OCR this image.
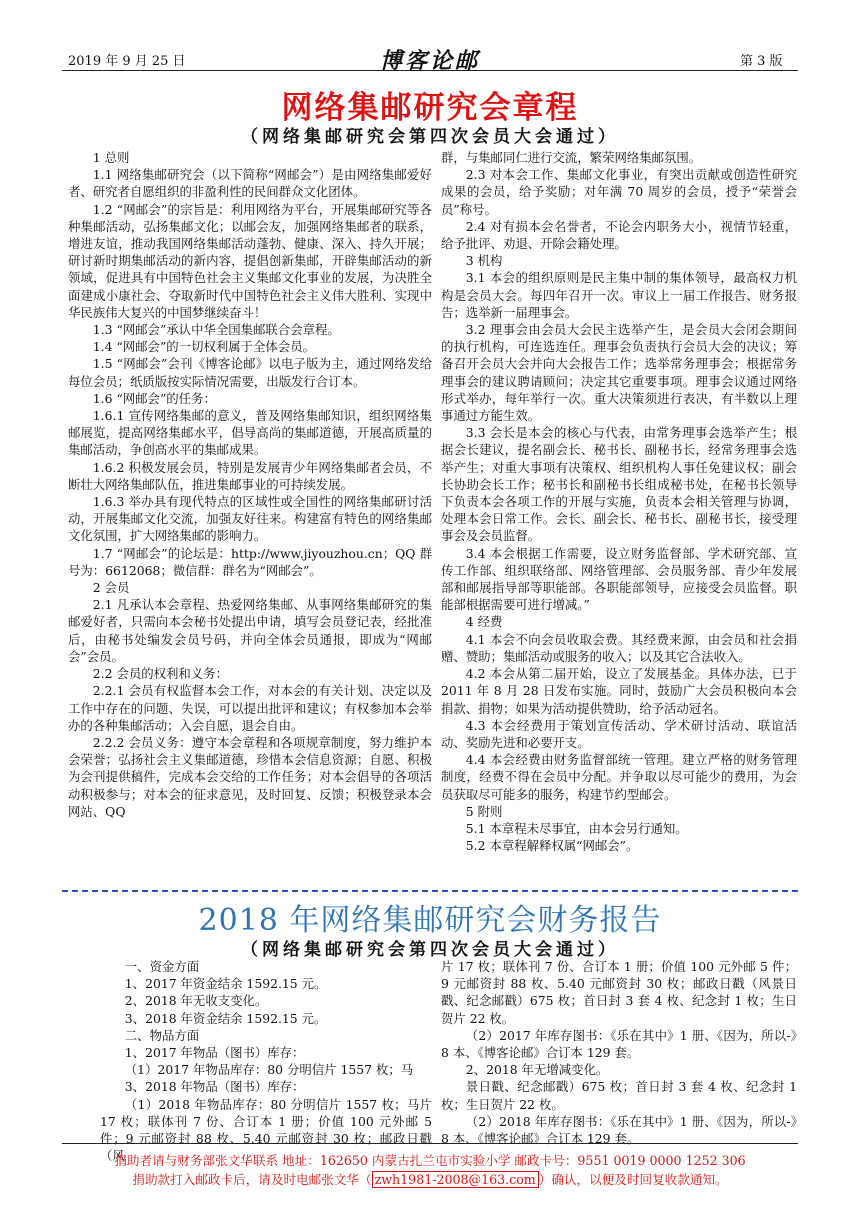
2019 年 9 月 25 日	博客论邮	第 3 版
网络集邮研究会章程
（网络集邮研究会第四次会员大会通过）

1 总则

1.1 网络集邮研究会（以下简称“网邮会”）是由网络集邮爱好者、研究者自愿组织的非盈利性的民间群众文化团体。

1.2 “网邮会”的宗旨是：利用网络为平台，开展集邮研究等各种集邮活动，弘扬集邮文化；以邮会友，加强网络集邮者的联系，增进友谊，推动我国网络集邮活动蓬勃、健康、深入、持久开展；研讨新时期集邮活动的新内容，提倡创新集邮，开辟集邮活动的新领域，促进具有中国特色社会主义集邮文化事业的发展，为决胜全面建成小康社会、夺取新时代中国特色社会主义伟大胜利、实现中华民族伟大复兴的中国梦继续奋斗！

1.3 “网邮会”承认中华全国集邮联合会章程。

1.4 “网邮会”的一切权利属于全体会员。

1.5 “网邮会”会刊《博客论邮》以电子版为主，通过网络发给每位会员；纸质版按实际情况需要，出版发行合订本。

1.6 “网邮会”的任务：

1.6.1 宣传网络集邮的意义，普及网络集邮知识，组织网络集邮展览，提高网络集邮水平，倡导高尚的集邮道德，开展高质量的集邮活动，争创高水平的集邮成果。

1.6.2 积极发展会员，特别是发展青少年网络集邮者会员，不断壮大网络集邮队伍，推进集邮事业的可持续发展。

1.6.3 举办具有现代特点的区域性或全国性的网络集邮研讨活动，开展集邮文化交流，加强友好往来。构建富有特色的网络集邮文化氛围，扩大网络集邮的影响力。

1.7 “网邮会”的论坛是：http://www.jiyouzhou.cn；QQ 群号为：6612068；微信群：群名为“网邮会”。

2 会员

2.1 凡承认本会章程、热爱网络集邮、从事网络集邮研究的集邮爱好者，只需向本会秘书处提出申请，填写会员登记表，经批准后，由秘书处编发会员号码，并向全体会员通报，即成为“网邮会”会员。

2.2 会员的权利和义务：

2.2.1 会员有权监督本会工作，对本会的有关计划、决定以及工作中存在的问题、失误，可以提出批评和建议；有权参加本会举办的各种集邮活动；入会自愿，退会自由。

2.2.2 会员义务：遵守本会章程和各项规章制度，努力维护本会荣誉；弘扬社会主义集邮道德，珍惜本会信息资源；自愿、积极为会刊提供稿件，完成本会交给的工作任务；对本会倡导的各项活动积极参与；对本会的征求意见，及时回复、反馈；积极登录本会网站、QQ

群，与集邮同仁进行交流，繁荣网络集邮氛围。

2.3 对本会工作、集邮文化事业，有突出贡献或创造性研究成果的会员，给予奖励；对年满 70 周岁的会员，授予“荣誉会员”称号。

2.4 对有损本会名誉者，不论会内职务大小，视情节轻重，给予批评、劝退、开除会籍处理。

3 机构

3.1 本会的组织原则是民主集中制的集体领导，最高权力机构是会员大会。每四年召开一次。审议上一届工作报告、财务报告；选举新一届理事会。

3.2 理事会由会员大会民主选举产生，是会员大会闭会期间的执行机构，可连选连任。理事会负责执行会员大会的决议；筹备召开会员大会并向大会报告工作；选举常务理事会；根据常务理事会的建议聘请顾问；决定其它重要事项。理事会议通过网络形式举办，每年举行一次。重大决策须进行表决，有半数以上理事通过方能生效。

3.3 会长是本会的核心与代表，由常务理事会选举产生；根据会长建议，提名副会长、秘书长、副秘书长，经常务理事会选举产生；对重大事项有决策权、组织机构人事任免建议权；副会长协助会长工作；秘书长和副秘书长组成秘书处，在秘书长领导下负责本会各项工作的开展与实施，负责本会相关管理与协调，处理本会日常工作。会长、副会长、秘书长、副秘书长，接受理事会及会员监督。

3.4 本会根据工作需要，设立财务监督部、学术研究部、宣传工作部、组织联络部、网络管理部、会员服务部、青少年发展部和邮展指导部等职能部。各职能部领导，应接受会员监督。职能部根据需要可进行增减。”

4 经费

4.1 本会不向会员收取会费。其经费来源，由会员和社会捐赠、赞助；集邮活动或服务的收入；以及其它合法收入。

4.2 本会从第二届开始，设立了发展基金。具体办法，已于 2011 年 8 月 28 日发布实施。同时，鼓励广大会员积极向本会捐款、捐物；如果为活动提供赞助，给予活动冠名。

4.3 本会经费用于策划宣传活动、学术研讨活动、联谊活动、奖励先进和必要开支。

4.4 本会经费由财务监督部统一管理。建立严格的财务管理制度，经费不得在会员中分配。并争取以尽可能少的费用，为会员获取尽可能多的服务，构建节约型邮会。

5 附则

5.1 本章程未尽事宜，由本会另行通知。

5.2 本章程解释权属“网邮会”。

2018 年网络集邮研究会财务报告
（网络集邮研究会第四次会员大会通过）

一、资金方面

1、2017 年资金结余 1592.15 元。

2、2018 年无收支变化。

3、2018 年资金结余 1592.15 元。

二、物品方面

1、2017 年物品（图书）库存：

（1）2017 年物品库存：80 分明信片 1557 枚；马

3、2018 年物品（图书）库存：

（1）2018 年物品库存：80 分明信片 1557 枚；马片 17 枚；联体刊 7 份、合订本 1 册；价值 100 元外邮 5 件；9 元邮资封 88 枚、5.40 元邮资封 30 枚；邮政日戳（风

片 17 枚；联体刊 7 份、合订本 1 册；价值 100 元外邮 5 件；9 元邮资封 88 枚、5.40 元邮资封 30 枚；邮政日戳（风景日戳、纪念邮戳）675 枚；首日封 3 套 4 枚、纪念封 1 枚；生日贺片 22 枚。

（2）2017 年库存图书：《乐在其中》1 册、《因为，所以-》8 本、《博客论邮》合订本 129 套。

2、2018 年无增减变化。

景日戳、纪念邮戳）675 枚；首日封 3 套 4 枚、纪念封 1 枚；生日贺片 22 枚。

（2）2018 年库存图书：《乐在其中》1 册、《因为，所以-》8 本、《博客论邮》合订本 129 套。

捐助者请与财务部张文华联系 地址：162650 内蒙古扎兰屯市实验小学 邮政卡号：9551 0019 0000 1252 306
捐助款打入邮政卡后，请及时电邮张文华（ zwh1981-2008@163.com ）确认，以便及时回复收款通知。
